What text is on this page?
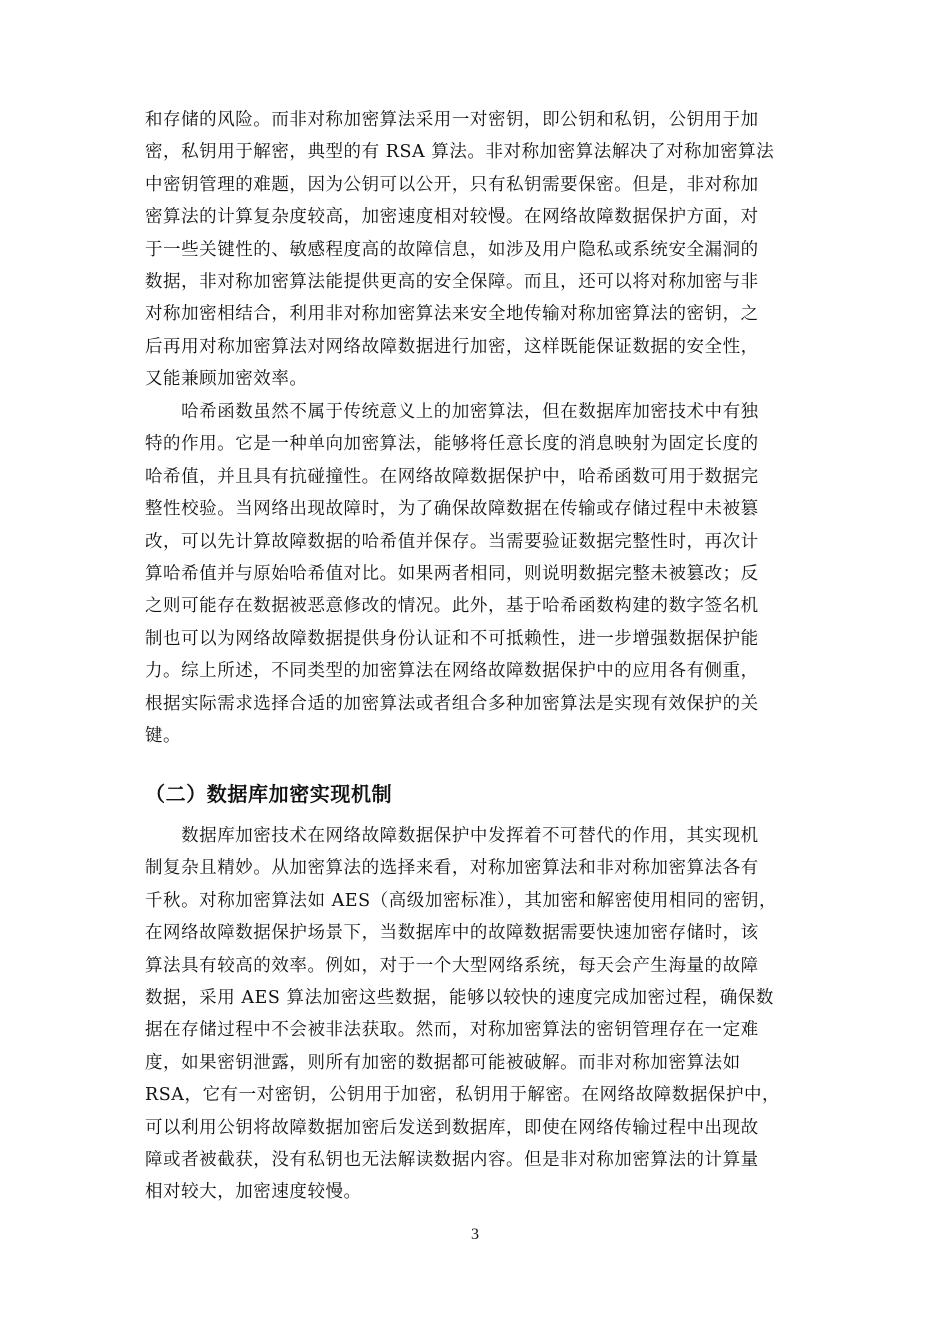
和存储的风险。而非对称加密算法采用一对密钥，即公钥和私钥，公钥用于加
密，私钥用于解密，典型的有 RSA 算法。非对称加密算法解决了对称加密算法
中密钥管理的难题，因为公钥可以公开，只有私钥需要保密。但是，非对称加
密算法的计算复杂度较高，加密速度相对较慢。在网络故障数据保护方面，对
于一些关键性的、敏感程度高的故障信息，如涉及用户隐私或系统安全漏洞的
数据，非对称加密算法能提供更高的安全保障。而且，还可以将对称加密与非
对称加密相结合，利用非对称加密算法来安全地传输对称加密算法的密钥，之
后再用对称加密算法对网络故障数据进行加密，这样既能保证数据的安全性，
又能兼顾加密效率。
　　哈希函数虽然不属于传统意义上的加密算法，但在数据库加密技术中有独
特的作用。它是一种单向加密算法，能够将任意长度的消息映射为固定长度的
哈希值，并且具有抗碰撞性。在网络故障数据保护中，哈希函数可用于数据完
整性校验。当网络出现故障时，为了确保故障数据在传输或存储过程中未被篡
改，可以先计算故障数据的哈希值并保存。当需要验证数据完整性时，再次计
算哈希值并与原始哈希值对比。如果两者相同，则说明数据完整未被篡改；反
之则可能存在数据被恶意修改的情况。此外，基于哈希函数构建的数字签名机
制也可以为网络故障数据提供身份认证和不可抵赖性，进一步增强数据保护能
力。综上所述，不同类型的加密算法在网络故障数据保护中的应用各有侧重，
根据实际需求选择合适的加密算法或者组合多种加密算法是实现有效保护的关
键。
（二）数据库加密实现机制
　　数据库加密技术在网络故障数据保护中发挥着不可替代的作用，其实现机
制复杂且精妙。从加密算法的选择来看，对称加密算法和非对称加密算法各有
千秋。对称加密算法如 AES（高级加密标准），其加密和解密使用相同的密钥，
在网络故障数据保护场景下，当数据库中的故障数据需要快速加密存储时，该
算法具有较高的效率。例如，对于一个大型网络系统，每天会产生海量的故障
数据，采用 AES 算法加密这些数据，能够以较快的速度完成加密过程，确保数
据在存储过程中不会被非法获取。然而，对称加密算法的密钥管理存在一定难
度，如果密钥泄露，则所有加密的数据都可能被破解。而非对称加密算法如
RSA，它有一对密钥，公钥用于加密，私钥用于解密。在网络故障数据保护中，
可以利用公钥将故障数据加密后发送到数据库，即使在网络传输过程中出现故
障或者被截获，没有私钥也无法解读数据内容。但是非对称加密算法的计算量
相对较大，加密速度较慢。
3
